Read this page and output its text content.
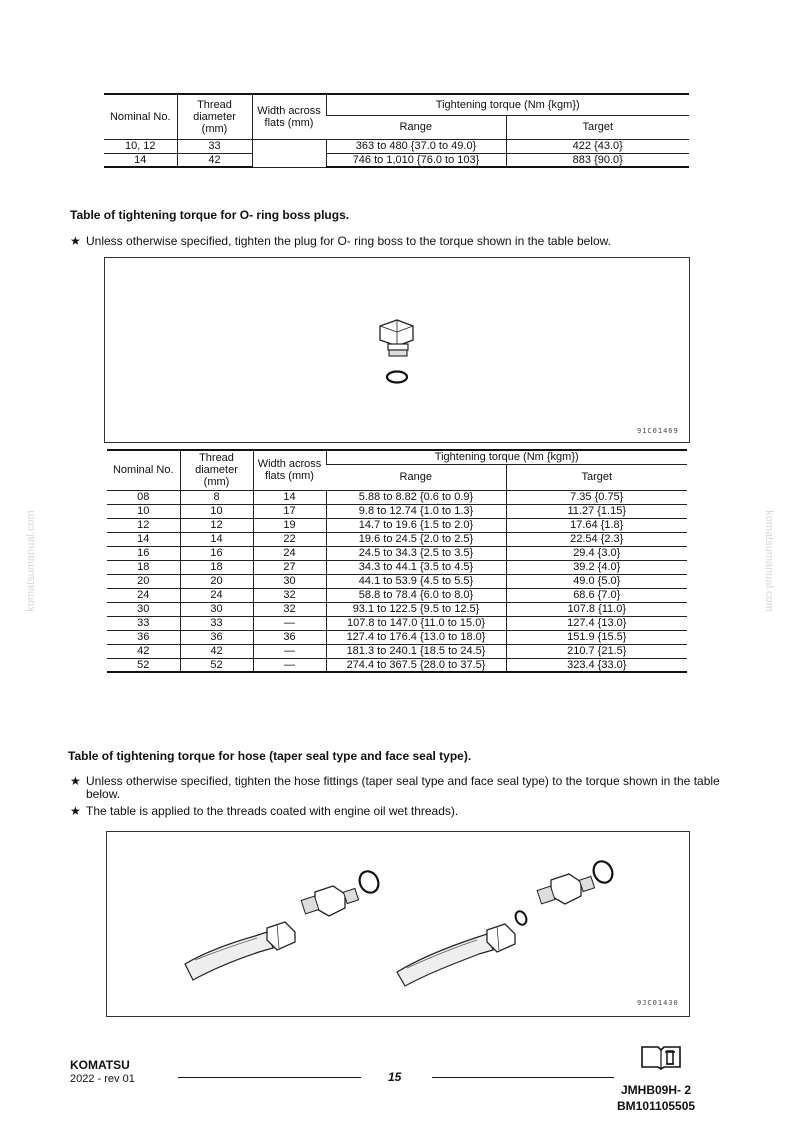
Nominal No.	Thread diameter (mm)	Width across flats (mm)	Tightening torque (Nm {kgm})	
			Range	Target
10, 12	33		363 to 480 {37.0 to 49.0}	422 {43.0}
14	42		746 to 1,010 {76.0 to 103}	883 {90.0}
Table of tightening torque for O- ring boss plugs.
★ Unless otherwise specified, tighten the plug for O- ring boss to the torque shown in the table below.
91C01469
Nominal No.	Thread diameter (mm)	Width across flats (mm)	Tightening torque (Nm {kgm})	
			Range	Target
08	8	14	5.88 to 8.82 {0.6 to 0.9}	7.35 {0.75}
10	10	17	9.8 to 12.74 {1.0 to 1.3}	11.27 {1.15}
12	12	19	14.7 to 19.6 {1.5 to 2.0}	17.64 {1.8}
14	14	22	19.6 to 24.5 {2.0 to 2.5}	22.54 {2.3}
16	16	24	24.5 to 34.3 {2.5 to 3.5}	29.4 {3.0}
18	18	27	34.3 to 44.1 {3.5 to 4.5}	39.2 {4.0}
20	20	30	44.1 to 53.9 {4.5 to 5.5}	49.0 {5.0}
24	24	32	58.8 to 78.4 {6.0 to 8.0}	68.6 {7.0}
30	30	32	93.1 to 122.5 {9.5 to 12.5}	107.8 {11.0}
33	33	—	107.8 to 147.0 {11.0 to 15.0}	127.4 {13.0}
36	36	36	127.4 to 176.4 {13.0 to 18.0}	151.9 {15.5}
42	42	—	181.3 to 240.1 {18.5 to 24.5}	210.7 {21.5}
52	52	—	274.4 to 367.5 {28.0 to 37.5}	323.4 {33.0}
Table of tightening torque for hose (taper seal type and face seal type).
★ Unless otherwise specified, tighten the hose fittings (taper seal type and face seal type) to the torque shown in the table below.
★ The table is applied to the threads coated with engine oil wet threads).
9JC01430
komatsumanual.com	komatsumanual.com
KOMATSU
2022 - rev 01	15
JMHB09H- 2
BM101105505
